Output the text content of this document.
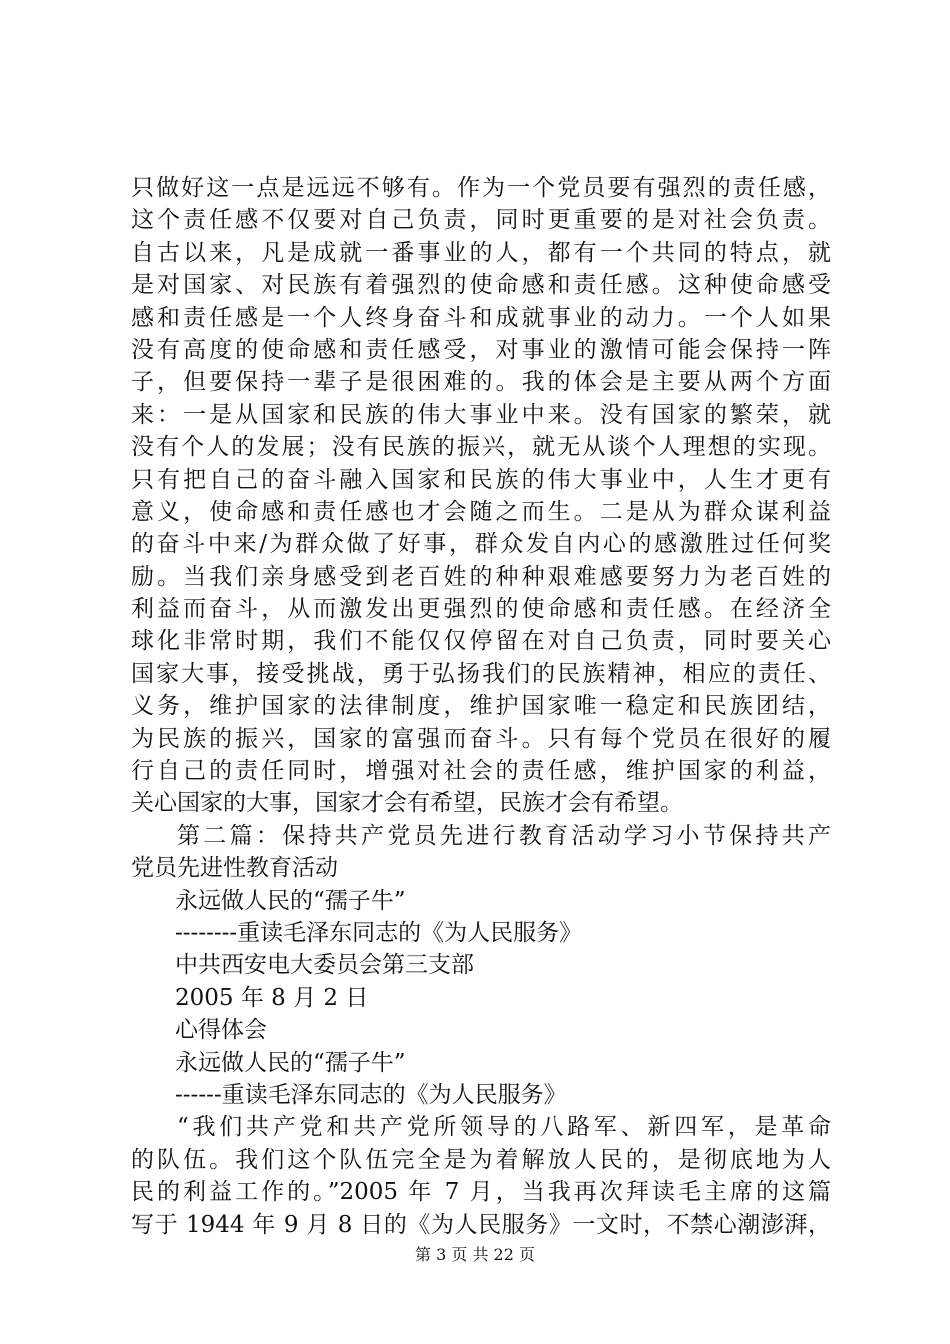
只做好这一点是远远不够有。作为一个党员要有强烈的责任感，
这个责任感不仅要对自己负责，同时更重要的是对社会负责。
自古以来，凡是成就一番事业的人，都有一个共同的特点，就
是对国家、对民族有着强烈的使命感和责任感。这种使命感受
感和责任感是一个人终身奋斗和成就事业的动力。一个人如果
没有高度的使命感和责任感受，对事业的激情可能会保持一阵
子，但要保持一辈子是很困难的。我的体会是主要从两个方面
来：一是从国家和民族的伟大事业中来。没有国家的繁荣，就
没有个人的发展；没有民族的振兴，就无从谈个人理想的实现。
只有把自己的奋斗融入国家和民族的伟大事业中，人生才更有
意义，使命感和责任感也才会随之而生。二是从为群众谋利益
的奋斗中来/为群众做了好事，群众发自内心的感激胜过任何奖
励。当我们亲身感受到老百姓的种种艰难感要努力为老百姓的
利益而奋斗，从而激发出更强烈的使命感和责任感。在经济全
球化非常时期，我们不能仅仅停留在对自己负责，同时要关心
国家大事，接受挑战，勇于弘扬我们的民族精神，相应的责任、
义务，维护国家的法律制度，维护国家唯一稳定和民族团结，
为民族的振兴，国家的富强而奋斗。只有每个党员在很好的履
行自己的责任同时，增强对社会的责任感，维护国家的利益，
关心国家的大事，国家才会有希望，民族才会有希望。
第二篇：保持共产党员先进行教育活动学习小节保持共产
党员先进性教育活动
永远做人民的“孺子牛”
--------重读毛泽东同志的《为人民服务》
中共西安电大委员会第三支部
2005 年 8 月 2 日
心得体会
永远做人民的“孺子牛”
------重读毛泽东同志的《为人民服务》
“我们共产党和共产党所领导的八路军、新四军，是革命
的队伍。我们这个队伍完全是为着解放人民的，是彻底地为人
民的利益工作的。”2005 年 7 月，当我再次拜读毛主席的这篇
写于 1944 年 9 月 8 日的《为人民服务》一文时，不禁心潮澎湃，
第 3 页 共 22 页
